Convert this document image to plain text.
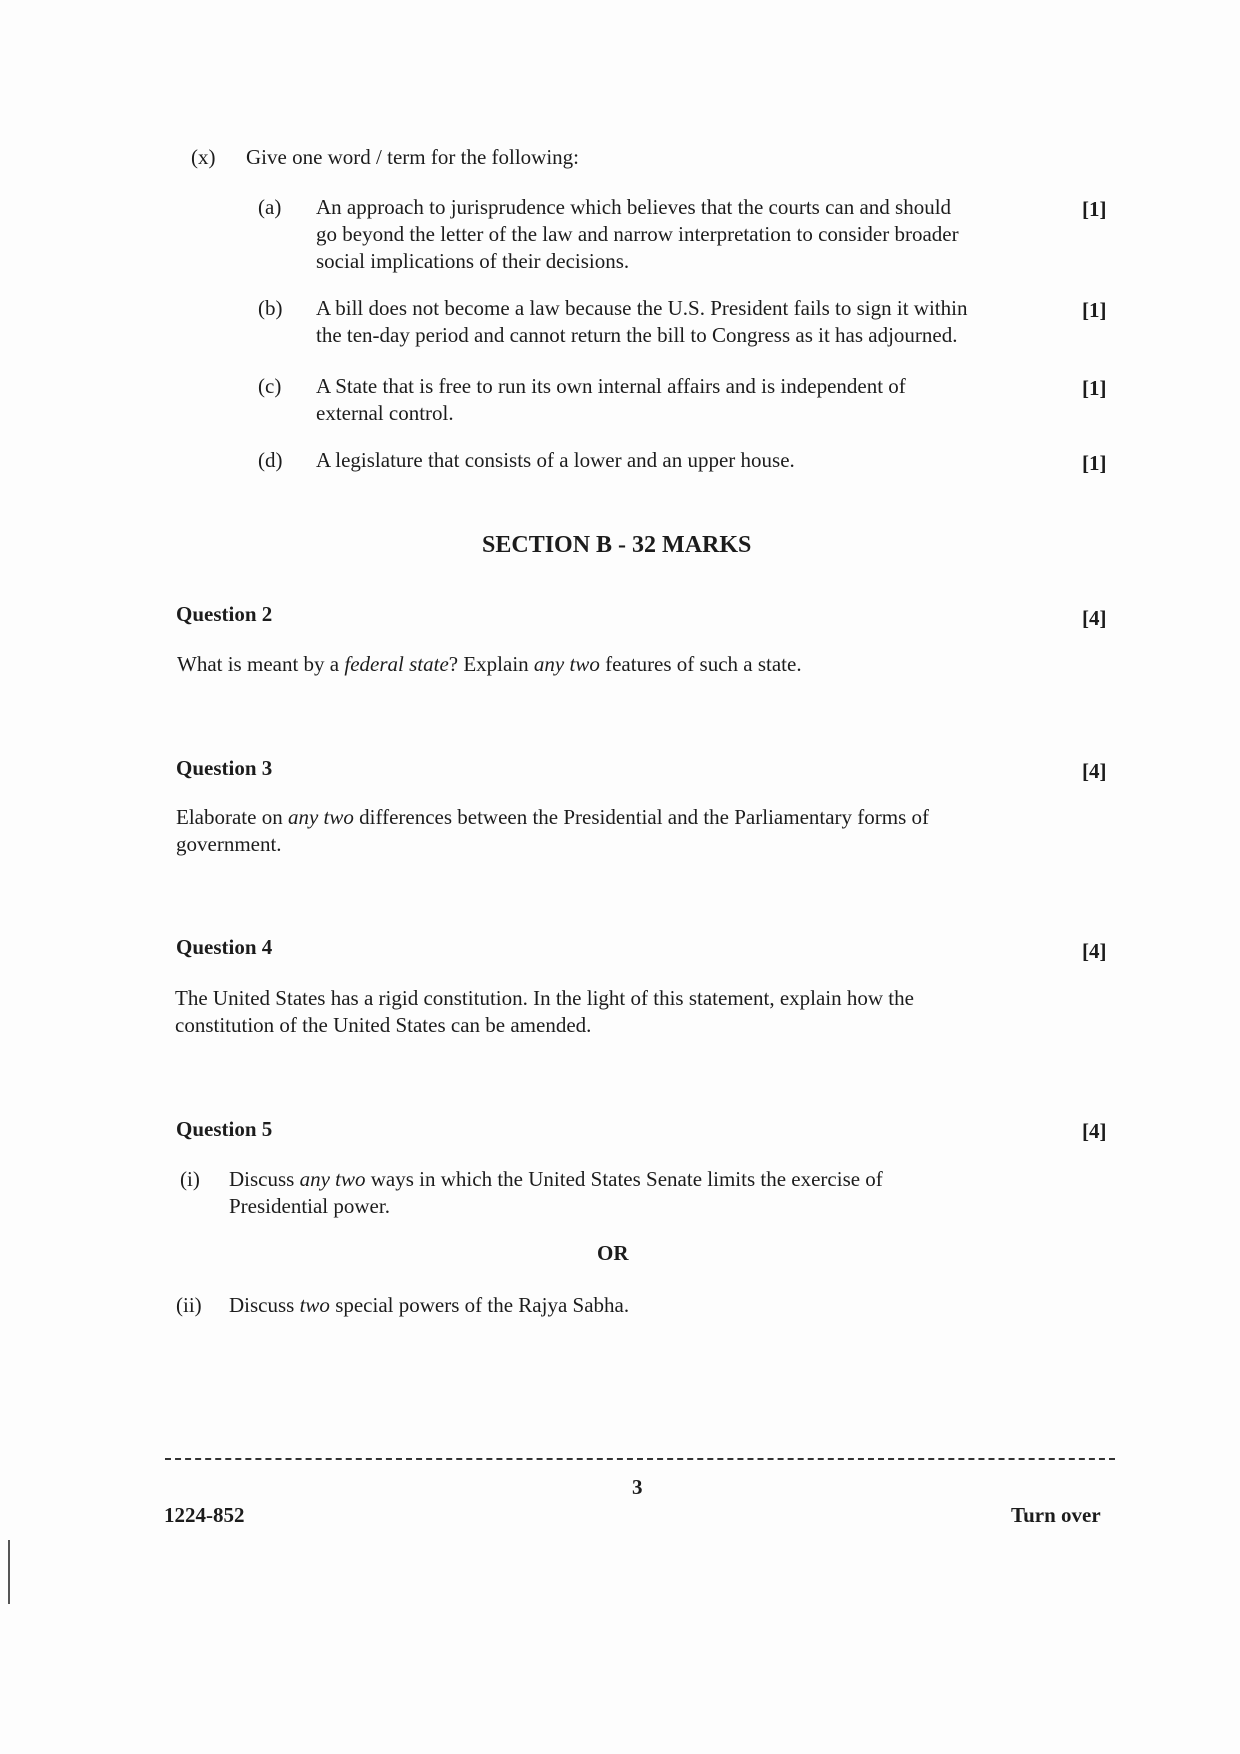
(x) Give one word / term for the following:
(a) An approach to jurisprudence which believes that the courts can and should
go beyond the letter of the law and narrow interpretation to consider broader
social implications of their decisions.
[1]
(b) A bill does not become a law because the U.S. President fails to sign it within
the ten-day period and cannot return the bill to Congress as it has adjourned.
[1]
(c) A State that is free to run its own internal affairs and is independent of
external control.
[1]
(d) A legislature that consists of a lower and an upper house.	[1]
SECTION B - 32 MARKS
Question 2	[4]
What is meant by a federal state? Explain any two features of such a state.
Question 3	[4]
Elaborate on any two differences between the Presidential and the Parliamentary forms of
government.
Question 4	[4]
The United States has a rigid constitution. In the light of this statement, explain how the
constitution of the United States can be amended.
Question 5	[4]
(i) Discuss any two ways in which the United States Senate limits the exercise of
Presidential power.
OR
(ii) Discuss two special powers of the Rajya Sabha.
3
1224-852	Turn over
